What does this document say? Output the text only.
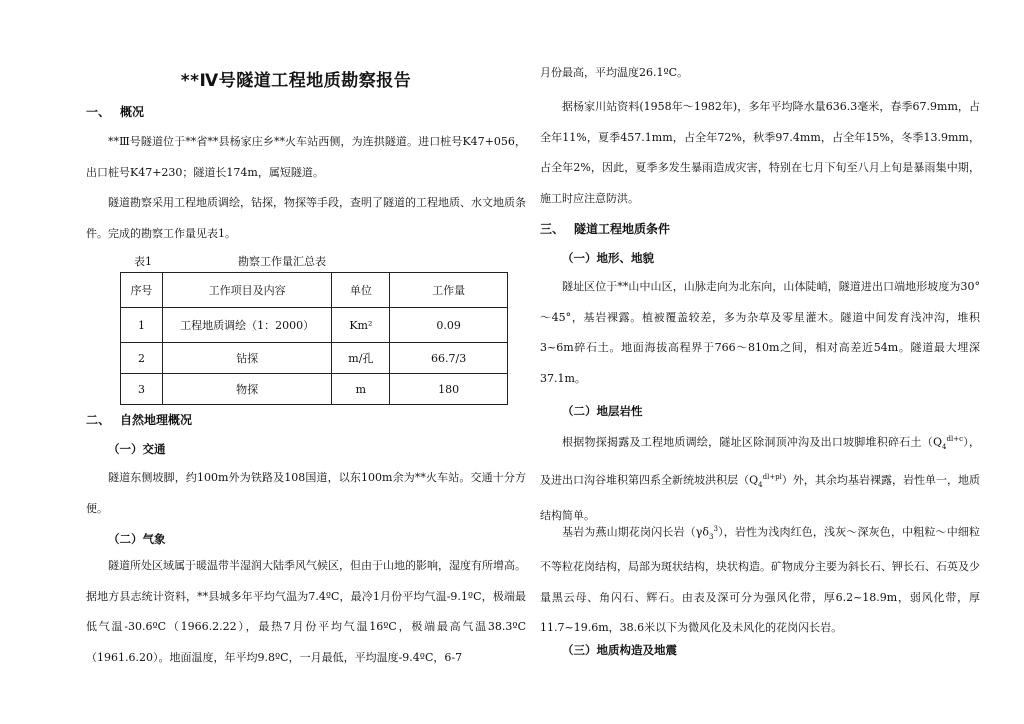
**Ⅳ号隧道工程地质勘察报告
一、 概况

**Ⅲ号隧道位于**省**县杨家庄乡**火车站西侧，为连拱隧道。进口桩号K47+056，出口桩号K47+230；隧道长174m，属短隧道。

隧道勘察采用工程地质调绘，钻探，物探等手段，查明了隧道的工程地质、水文地质条件。完成的勘察工作量见表1。

表1	勘察工作量汇总表
序号	工作项目及内容	单位	工作量
1	工程地质调绘（1：2000）	Km²	0.09
2	钻探	m/孔	66.7/3
3	物探	m	180
二、 自然地理概况
（一）交通

隧道东侧坡脚，约100m外为铁路及108国道，以东100m余为**火车站。交通十分方便。

（二）气象

隧道所处区域属于暖温带半湿润大陆季风气候区，但由于山地的影响，湿度有所增高。据地方县志统计资料，**县城多年平均气温为7.4ºC，最冷1月份平均气温-9.1ºC，极端最低气温-30.6ºC（1966.2.22），最热7月份平均气温16ºC，极端最高气温38.3ºC（1961.6.20）。地面温度，年平均9.8ºC，一月最低，平均温度-9.4ºC，6-7

月份最高，平均温度26.1ºC。

据杨家川站资料(1958年～1982年)，多年平均降水量636.3毫米，春季67.9mm，占全年11%，夏季457.1mm，占全年72%，秋季97.4mm，占全年15%，冬季13.9mm，占全年2%，因此，夏季多发生暴雨造成灾害，特别在七月下旬至八月上旬是暴雨集中期，施工时应注意防洪。

三、 隧道工程地质条件
（一）地形、地貌

隧址区位于**山中山区，山脉走向为北东向，山体陡峭，隧道进出口端地形坡度为30°～45°，基岩裸露。植被覆盖较差，多为杂草及零星灌木。隧道中间发育浅冲沟，堆积3~6m碎石土。地面海拔高程界于766～810m之间，相对高差近54m。隧道最大埋深37.1m。

（二）地层岩性

根据物探揭露及工程地质调绘，隧址区除洞顶冲沟及出口坡脚堆积碎石土$(Q_4^{dl+c})$，及进出口沟谷堆积第四系全新统坡洪积层$(Q_4^{dl+pl})$外，其余均基岩裸露，岩性单一，地质结构简单。

基岩为燕山期花岗闪长岩$(\gamma\delta_3^3)$，岩性为浅肉红色，浅灰～深灰色，中粗粒～中细粒不等粒花岗结构，局部为斑状结构，块状构造。矿物成分主要为斜长石、钾长石、石英及少量黑云母、角闪石、辉石。由表及深可分为强风化带，厚6.2~18.9m，弱风化带，厚11.7~19.6m，38.6米以下为微风化及未风化的花岗闪长岩。

（三）地质构造及地震
